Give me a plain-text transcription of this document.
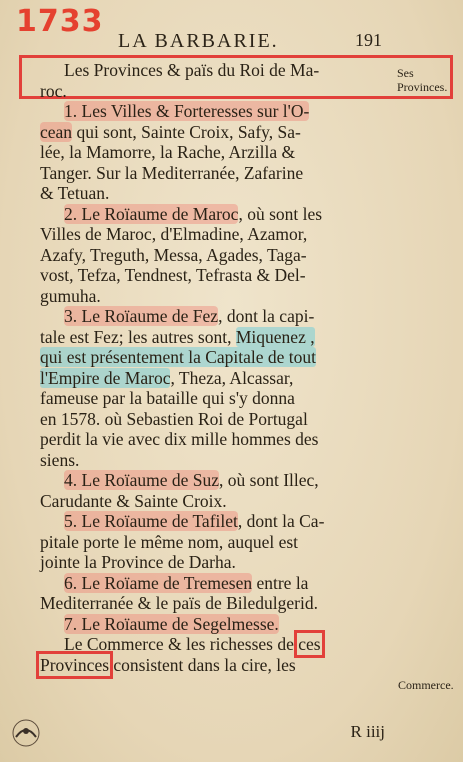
1733
LA BARBARIE.	191
Ses Provinces.
Commerce.
Les Provinces & païs du Roi de Ma-
roc.
1. Les Villes & Forteresses sur l'O-
cean qui sont, Sainte Croix, Safy, Sa-
lée, la Mamorre, la Rache, Arzilla &
Tanger. Sur la Mediterranée, Zafarine
& Tetuan.
2. Le Roïaume de Maroc, où sont les
Villes de Maroc, d'Elmadine, Azamor,
Azafy, Treguth, Messa, Agades, Taga-
vost, Tefza, Tendnest, Tefrasta & Del-
gumuha.
3. Le Roïaume de Fez, dont la capi-
tale est Fez; les autres sont, Miquenez ,
qui est présentement la Capitale de tout
l'Empire de Maroc, Theza, Alcassar,
fameuse par la bataille qui s'y donna
en 1578. où Sebastien Roi de Portugal
perdit la vie avec dix mille hommes des
siens.
4. Le Roïaume de Suz, où sont Illec,
Carudante & Sainte Croix.
5. Le Roïaume de Tafilet, dont la Ca-
pitale porte le même nom, auquel est
jointe la Province de Darha.
6. Le Roïame de Tremesen entre la
Mediterranée & le païs de Biledulgerid.
7. Le Roïaume de Segelmesse.
Le Commerce & les richesses de ces
Provinces consistent dans la cire, les
R iiij
